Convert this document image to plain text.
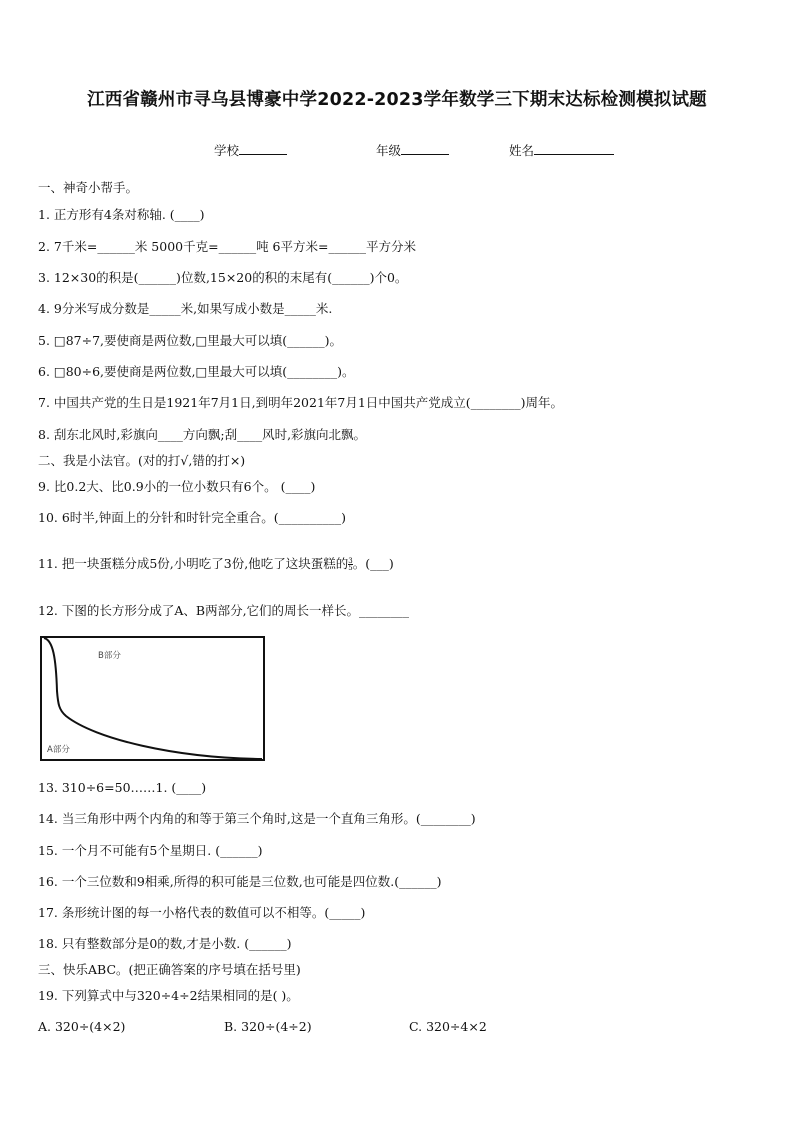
江西省赣州市寻乌县博豪中学2022-2023学年数学三下期末达标检测模拟试题
学校	年级	姓名
一、神奇小帮手。
1. 正方形有4条对称轴. (____)
2. 7千米=______米 5000千克=______吨 6平方米=______平方分米
3. 12×30的积是(______)位数,15×20的积的末尾有(______)个0。
4. 9分米写成分数是_____米,如果写成小数是_____米.
5. □87÷7,要使商是两位数,□里最大可以填(______)。
6. □80÷6,要使商是两位数,□里最大可以填(________)。
7. 中国共产党的生日是1921年7月1日,到明年2021年7月1日中国共产党成立(________)周年。
8. 刮东北风时,彩旗向____方向飘;刮____风时,彩旗向北飘。
二、我是小法官。(对的打√,错的打×)
9. 比0.2大、比0.9小的一位小数只有6个。 (____)
10. 6时半,钟面上的分针和时针完全重合。(__________)
11. 把一块蛋糕分成5份,小明吃了3份,他吃了这块蛋糕的 $\frac{3}{5}$ 。(___)
12. 下图的长方形分成了A、B两部分,它们的周长一样长。________
B部分
A部分
13. 310÷6=50……1. (____)
14. 当三角形中两个内角的和等于第三个角时,这是一个直角三角形。(________)
15. 一个月不可能有5个星期日. (______)
16. 一个三位数和9相乘,所得的积可能是三位数,也可能是四位数.(______)
17. 条形统计图的每一小格代表的数值可以不相等。(_____)
18. 只有整数部分是0的数,才是小数. (______)
三、快乐ABC。(把正确答案的序号填在括号里)
19. 下列算式中与320÷4÷2结果相同的是( )。
A. 320÷(4×2)	B. 320÷(4÷2)	C. 320÷4×2
